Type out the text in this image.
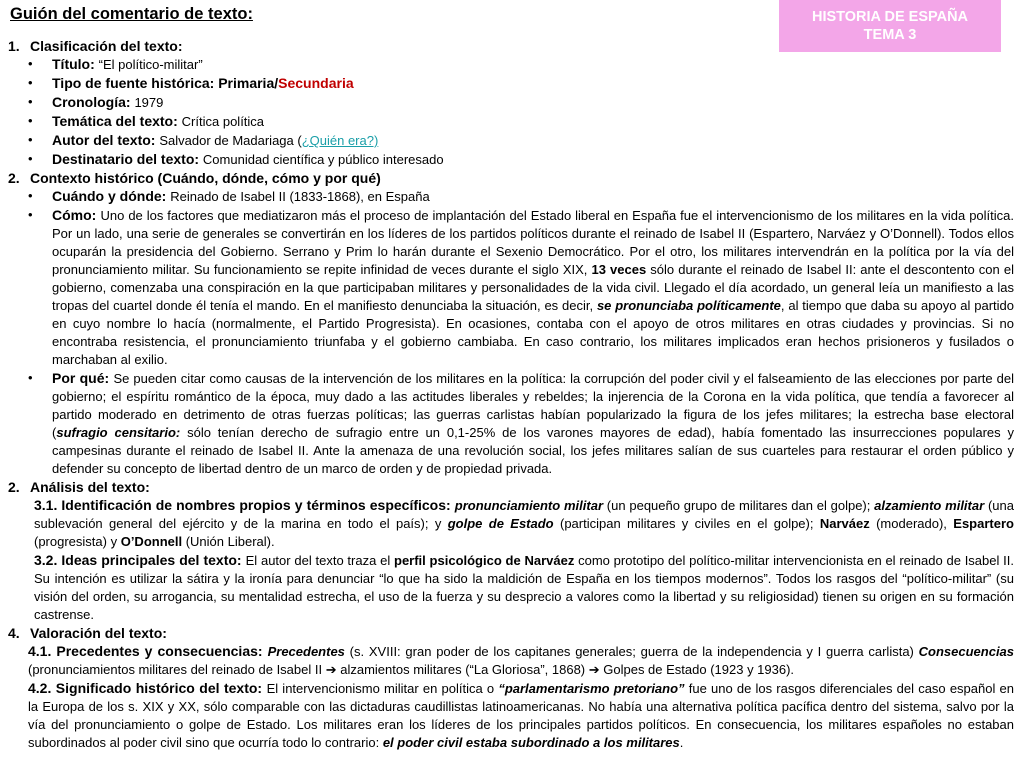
Guión del comentario de texto:	HISTORIA DE ESPAÑA
TEMA 3
1. Clasificación del texto:
•	Título: “El político-militar”
•	Tipo de fuente histórica: Primaria/Secundaria
•	Cronología: 1979
•	Temática del texto: Crítica política
•	Autor del texto: Salvador de Madariaga (¿Quién era?)
•	Destinatario del texto: Comunidad científica y público interesado
2. Contexto histórico (Cuándo, dónde, cómo y por qué)
•	Cuándo y dónde: Reinado de Isabel II (1833-1868), en España
•	Cómo: Uno de los factores que mediatizaron más el proceso de implantación del Estado liberal en España fue el intervencionismo de los militares en la vida política. Por un lado, una serie de generales se convertirán en los líderes de los partidos políticos durante el reinado de Isabel II (Espartero, Narváez y O’Donnell). Todos ellos ocuparán la presidencia del Gobierno. Serrano y Prim lo harán durante el Sexenio Democrático. Por el otro, los militares intervendrán en la política por la vía del pronunciamiento militar. Su funcionamiento se repite infinidad de veces durante el siglo XIX, 13 veces sólo durante el reinado de Isabel II: ante el descontento con el gobierno, comenzaba una conspiración en la que participaban militares y personalidades de la vida civil. Llegado el día acordado, un general leía un manifiesto a las tropas del cuartel donde él tenía el mando. En el manifiesto denunciaba la situación, es decir, se pronunciaba políticamente, al tiempo que daba su apoyo al partido en cuyo nombre lo hacía (normalmente, el Partido Progresista). En ocasiones, contaba con el apoyo de otros militares en otras ciudades y provincias. Si no encontraba resistencia, el pronunciamiento triunfaba y el gobierno cambiaba. En caso contrario, los militares implicados eran hechos prisioneros y fusilados o marchaban al exilio.
•	Por qué: Se pueden citar como causas de la intervención de los militares en la política: la corrupción del poder civil y el falseamiento de las elecciones por parte del gobierno; el espíritu romántico de la época, muy dado a las actitudes liberales y rebeldes; la injerencia de la Corona en la vida política, que tendía a favorecer al partido moderado en detrimento de otras fuerzas políticas; las guerras carlistas habían popularizado la figura de los jefes militares; la estrecha base electoral (sufragio censitario: sólo tenían derecho de sufragio entre un 0,1-25% de los varones mayores de edad), había fomentado las insurrecciones populares y campesinas durante el reinado de Isabel II. Ante la amenaza de una revolución social, los jefes militares salían de sus cuarteles para restaurar el orden público y defender su concepto de libertad dentro de un marco de orden y de propiedad privada.
2. Análisis del texto:
3.1. Identificación de nombres propios y términos específicos: pronunciamiento militar (un pequeño grupo de militares dan el golpe); alzamiento militar (una sublevación general del ejército y de la marina en todo el país); y golpe de Estado (participan militares y civiles en el golpe); Narváez (moderado), Espartero (progresista) y O’Donnell (Unión Liberal).
3.2. Ideas principales del texto: El autor del texto traza el perfil psicológico de Narváez como prototipo del político-militar intervencionista en el reinado de Isabel II. Su intención es utilizar la sátira y la ironía para denunciar “lo que ha sido la maldición de España en los tiempos modernos”. Todos los rasgos del “político-militar” (su visión del orden, su arrogancia, su mentalidad estrecha, el uso de la fuerza y su desprecio a valores como la libertad y su religiosidad) tienen su origen en su formación castrense.
4. Valoración del texto:
4.1. Precedentes y consecuencias: Precedentes (s. XVIII: gran poder de los capitanes generales; guerra de la independencia y I guerra carlista) Consecuencias (pronunciamientos militares del reinado de Isabel II ➔ alzamientos militares (“La Gloriosa”, 1868) ➔ Golpes de Estado (1923 y 1936).
4.2. Significado histórico del texto: El intervencionismo militar en política o “parlamentarismo pretoriano” fue uno de los rasgos diferenciales del caso español en la Europa de los s. XIX y XX, sólo comparable con las dictaduras caudillistas latinoamericanas. No había una alternativa política pacífica dentro del sistema, salvo por la vía del pronunciamiento o golpe de Estado. Los militares eran los líderes de los principales partidos políticos. En consecuencia, los militares españoles no estaban subordinados al poder civil sino que ocurría todo lo contrario: el poder civil estaba subordinado a los militares.
